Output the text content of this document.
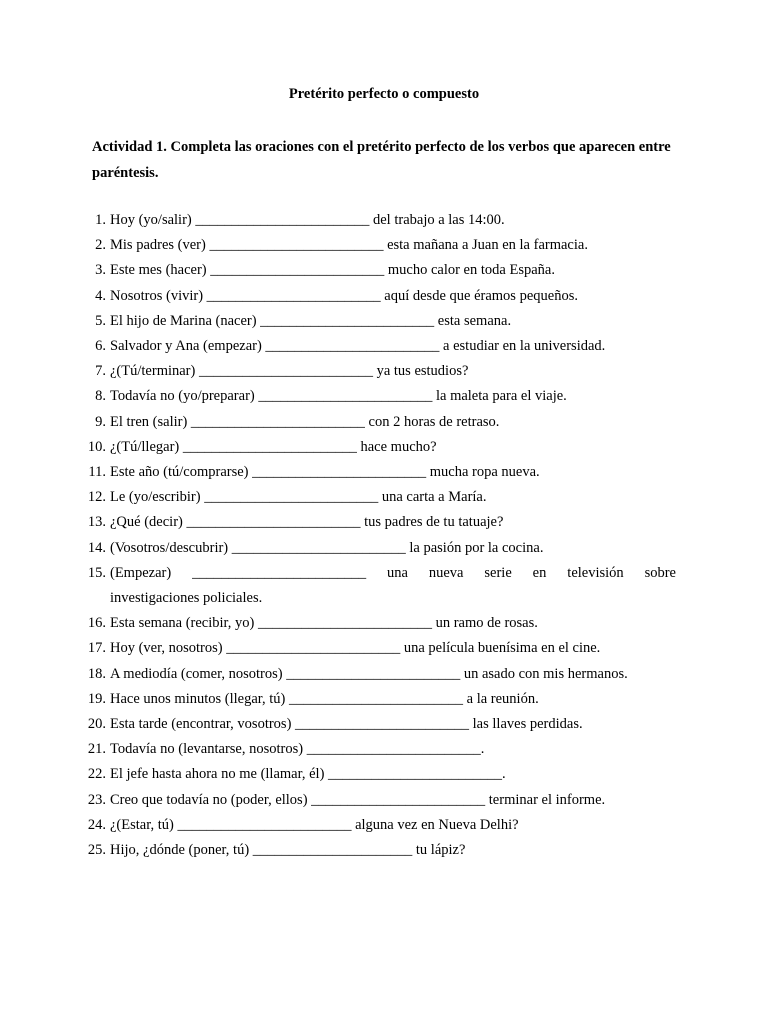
Pretérito perfecto o compuesto
Actividad 1. Completa las oraciones con el pretérito perfecto de los verbos que aparecen entre paréntesis.
1. Hoy (yo/salir) ________________________ del trabajo a las 14:00.
2. Mis padres (ver) ________________________ esta mañana a Juan en la farmacia.
3. Este mes (hacer) ________________________ mucho calor en toda España.
4. Nosotros (vivir) ________________________ aquí desde que éramos pequeños.
5. El hijo de Marina (nacer) ________________________ esta semana.
6. Salvador y Ana (empezar) ________________________ a estudiar en la universidad.
7. ¿(Tú/terminar) ________________________ ya tus estudios?
8. Todavía no (yo/preparar) ________________________ la maleta para el viaje.
9. El tren (salir) ________________________ con 2 horas de retraso.
10. ¿(Tú/llegar) ________________________ hace mucho?
11. Este año (tú/comprarse) ________________________ mucha ropa nueva.
12. Le (yo/escribir) ________________________ una carta a María.
13. ¿Qué (decir) ________________________ tus padres de tu tatuaje?
14. (Vosotros/descubrir) ________________________ la pasión por la cocina.
15. (Empezar) ________________________ una nueva serie en televisión sobre
investigaciones policiales.
16. Esta semana (recibir, yo) ________________________ un ramo de rosas.
17. Hoy (ver, nosotros) ________________________ una película buenísima en el cine.
18. A mediodía (comer, nosotros) ________________________ un asado con mis hermanos.
19. Hace unos minutos (llegar, tú) ________________________ a la reunión.
20. Esta tarde (encontrar, vosotros) ________________________ las llaves perdidas.
21. Todavía no (levantarse, nosotros) ________________________.
22. El jefe hasta ahora no me (llamar, él) ________________________.
23. Creo que todavía no (poder, ellos) ________________________ terminar el informe.
24. ¿(Estar, tú) ________________________ alguna vez en Nueva Delhi?
25. Hijo, ¿dónde (poner, tú) ______________________ tu lápiz?
